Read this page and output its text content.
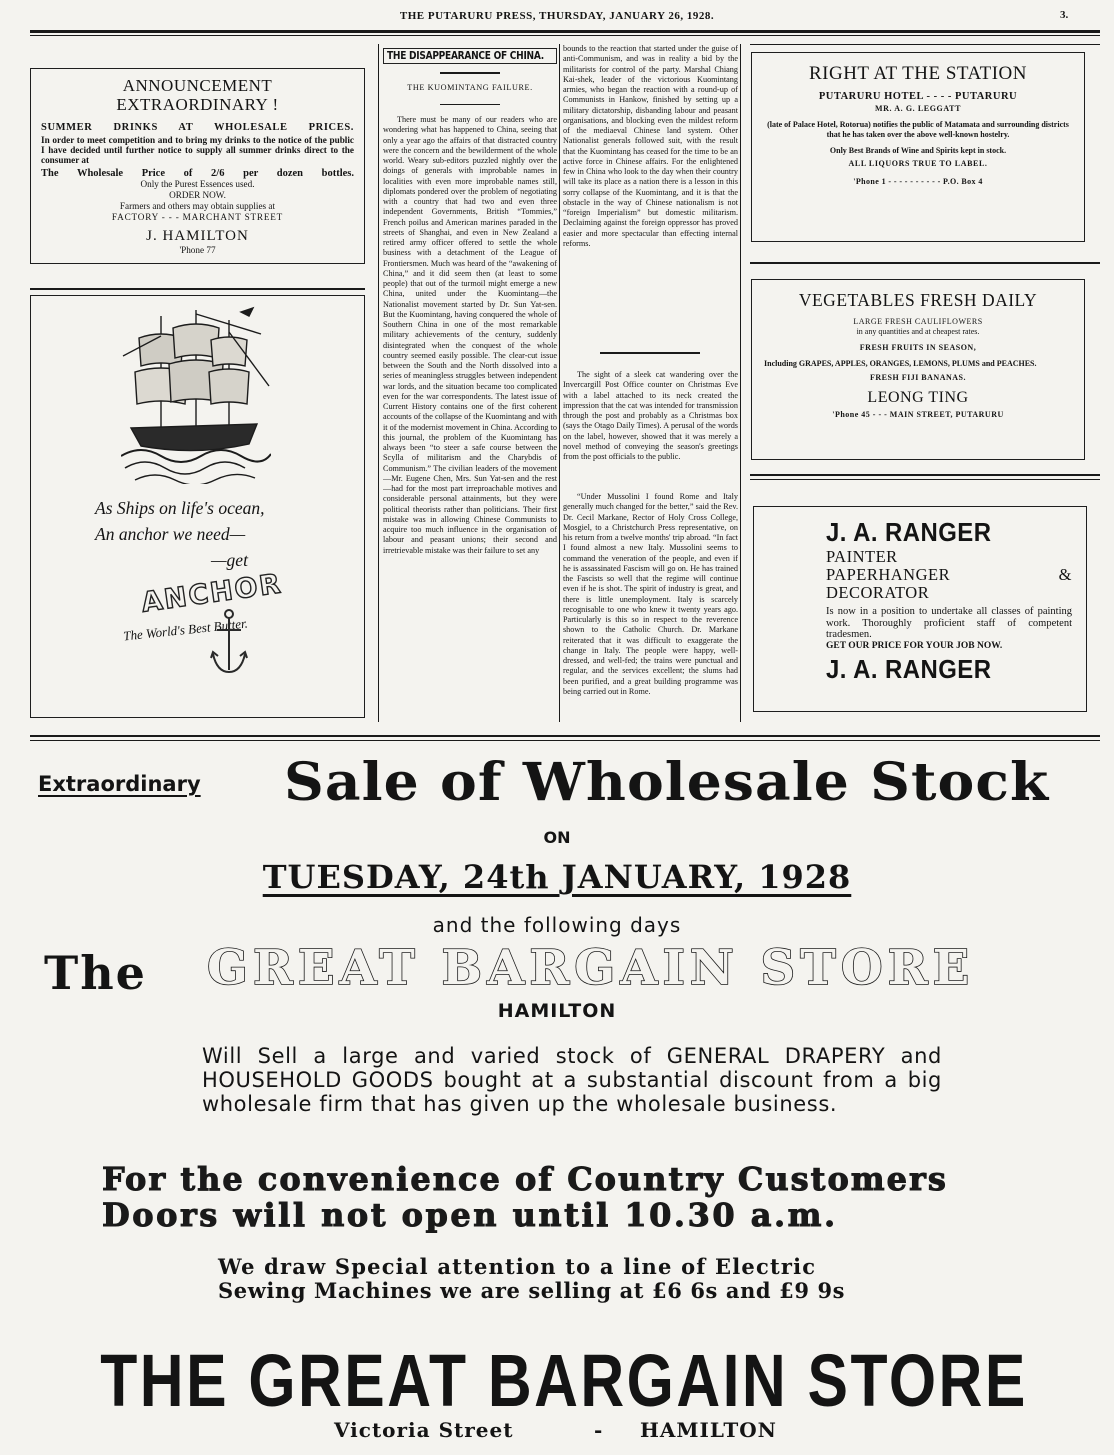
THE PUTARURU PRESS, THURSDAY, JANUARY 26, 1928.	3.
ANNOUNCEMENT
EXTRAORDINARY !
SUMMER DRINKS AT WHOLESALE PRICES.
In order to meet competition and to bring my drinks to the notice of the public I have decided until further notice to supply all summer drinks direct to the consumer at
The Wholesale Price of 2/6 per dozen bottles.
Only the Purest Essences used.
ORDER NOW.
Farmers and others may obtain supplies at
FACTORY - - - MARCHANT STREET
J. HAMILTON
'Phone 77
As Ships on life's ocean,
An anchor we need—
—get
ANCHOR
The World's Best Butter.
THE DISAPPEARANCE OF CHINA.
THE KUOMINTANG FAILURE.
There must be many of our readers who are wondering what has happened to China, seeing that only a year ago the affairs of that distracted country were the concern and the bewilderment of the whole world. Weary sub-editors puzzled nightly over the doings of generals with improbable names in localities with even more improbable names still, diplomats pondered over the problem of negotiating with a country that had two and even three independent Governments, British “Tommies,” French poilus and American marines paraded in the streets of Shanghai, and even in New Zealand a retired army officer offered to settle the whole business with a detachment of the League of Frontiersmen. Much was heard of the “awakening of China,” and it did seem then (at least to some people) that out of the turmoil might emerge a new China, united under the Kuomintang—the Nationalist movement started by Dr. Sun Yat-sen. But the Kuomintang, having conquered the whole of Southern China in one of the most remarkable military achievements of the century, suddenly disintegrated when the conquest of the whole country seemed easily possible. The clear-cut issue between the South and the North dissolved into a series of meaningless struggles between independent war lords, and the situation became too complicated even for the war correspondents. The latest issue of Current History contains one of the first coherent accounts of the collapse of the Kuomintang and with it of the modernist movement in China. According to this journal, the problem of the Kuomintang has always been “to steer a safe course between the Scylla of militarism and the Charybdis of Communism.” The civilian leaders of the movement—Mr. Eugene Chen, Mrs. Sun Yat-sen and the rest—had for the most part irreproachable motives and considerable personal attainments, but they were political theorists rather than politicians. Their first mistake was in allowing Chinese Communists to acquire too much influence in the organisation of labour and peasant unions; their second and irretrievable mistake was their failure to set any
bounds to the reaction that started under the guise of anti-Communism, and was in reality a bid by the militarists for control of the party. Marshal Chiang Kai-shek, leader of the victorious Kuomintang armies, who began the reaction with a round-up of Communists in Hankow, finished by setting up a military dictatorship, disbanding labour and peasant organisations, and blocking even the mildest reform of the mediaeval Chinese land system. Other Nationalist generals followed suit, with the result that the Kuomintang has ceased for the time to be an active force in Chinese affairs. For the enlightened few in China who look to the day when their country will take its place as a nation there is a lesson in this sorry collapse of the Kuomintang, and it is that the obstacle in the way of Chinese nationalism is not “foreign Imperialism” but domestic militarism. Declaiming against the foreign oppressor has proved easier and more spectacular than effecting internal reforms.
The sight of a sleek cat wandering over the Invercargill Post Office counter on Christmas Eve with a label attached to its neck created the impression that the cat was intended for transmission through the post and probably as a Christmas box (says the Otago Daily Times). A perusal of the words on the label, however, showed that it was merely a novel method of conveying the season's greetings from the post officials to the public.
“Under Mussolini I found Rome and Italy generally much changed for the better,” said the Rev. Dr. Cecil Markane, Rector of Holy Cross College, Mosgiel, to a Christchurch Press representative, on his return from a twelve months' trip abroad. “In fact I found almost a new Italy. Mussolini seems to command the veneration of the people, and even if he is assassinated Fascism will go on. He has trained the Fascists so well that the regime will continue even if he is shot. The spirit of industry is great, and there is little unemployment. Italy is scarcely recognisable to one who knew it twenty years ago. Particularly is this so in respect to the reverence shown to the Catholic Church. Dr. Markane reiterated that it was difficult to exaggerate the change in Italy. The people were happy, well-dressed, and well-fed; the trains were punctual and regular, and the services excellent; the slums had been purified, and a great building programme was being carried out in Rome.
RIGHT AT THE STATION
PUTARURU HOTEL - - - - PUTARURU
MR. A. G. LEGGATT
(late of Palace Hotel, Rotorua) notifies the public of Matamata and surrounding districts that he has taken over the above well-known hostelry.
Only Best Brands of Wine and Spirits kept in stock.
ALL LIQUORS TRUE TO LABEL.
'Phone 1 - - - - - - - - - - P.O. Box 4
VEGETABLES FRESH DAILY
LARGE FRESH CAULIFLOWERS
in any quantities and at cheapest rates.
FRESH FRUITS IN SEASON,
Including GRAPES, APPLES, ORANGES, LEMONS, PLUMS and PEACHES.
FRESH FIJI BANANAS.
LEONG TING
'Phone 45 - - - MAIN STREET, PUTARURU
J. A. RANGER
PAINTER
PAPERHANGER &
DECORATOR
Is now in a position to undertake all classes of painting work. Thoroughly proficient staff of competent tradesmen.
GET OUR PRICE FOR YOUR JOB NOW.
J. A. RANGER
Extraordinary Sale of Wholesale Stock
ON
TUESDAY, 24th JANUARY, 1928
and the following days
The GREAT BARGAIN STORE
HAMILTON
Will Sell a large and varied stock of GENERAL DRAPERY and HOUSEHOLD GOODS bought at a substantial discount from a big wholesale firm that has given up the wholesale business.
For the convenience of Country Customers
Doors will not open until 10.30 a.m.
We draw Special attention to a line of Electric
Sewing Machines we are selling at £6 6s and £9 9s
THE GREAT BARGAIN STORE
Victoria Street	- HAMILTON
